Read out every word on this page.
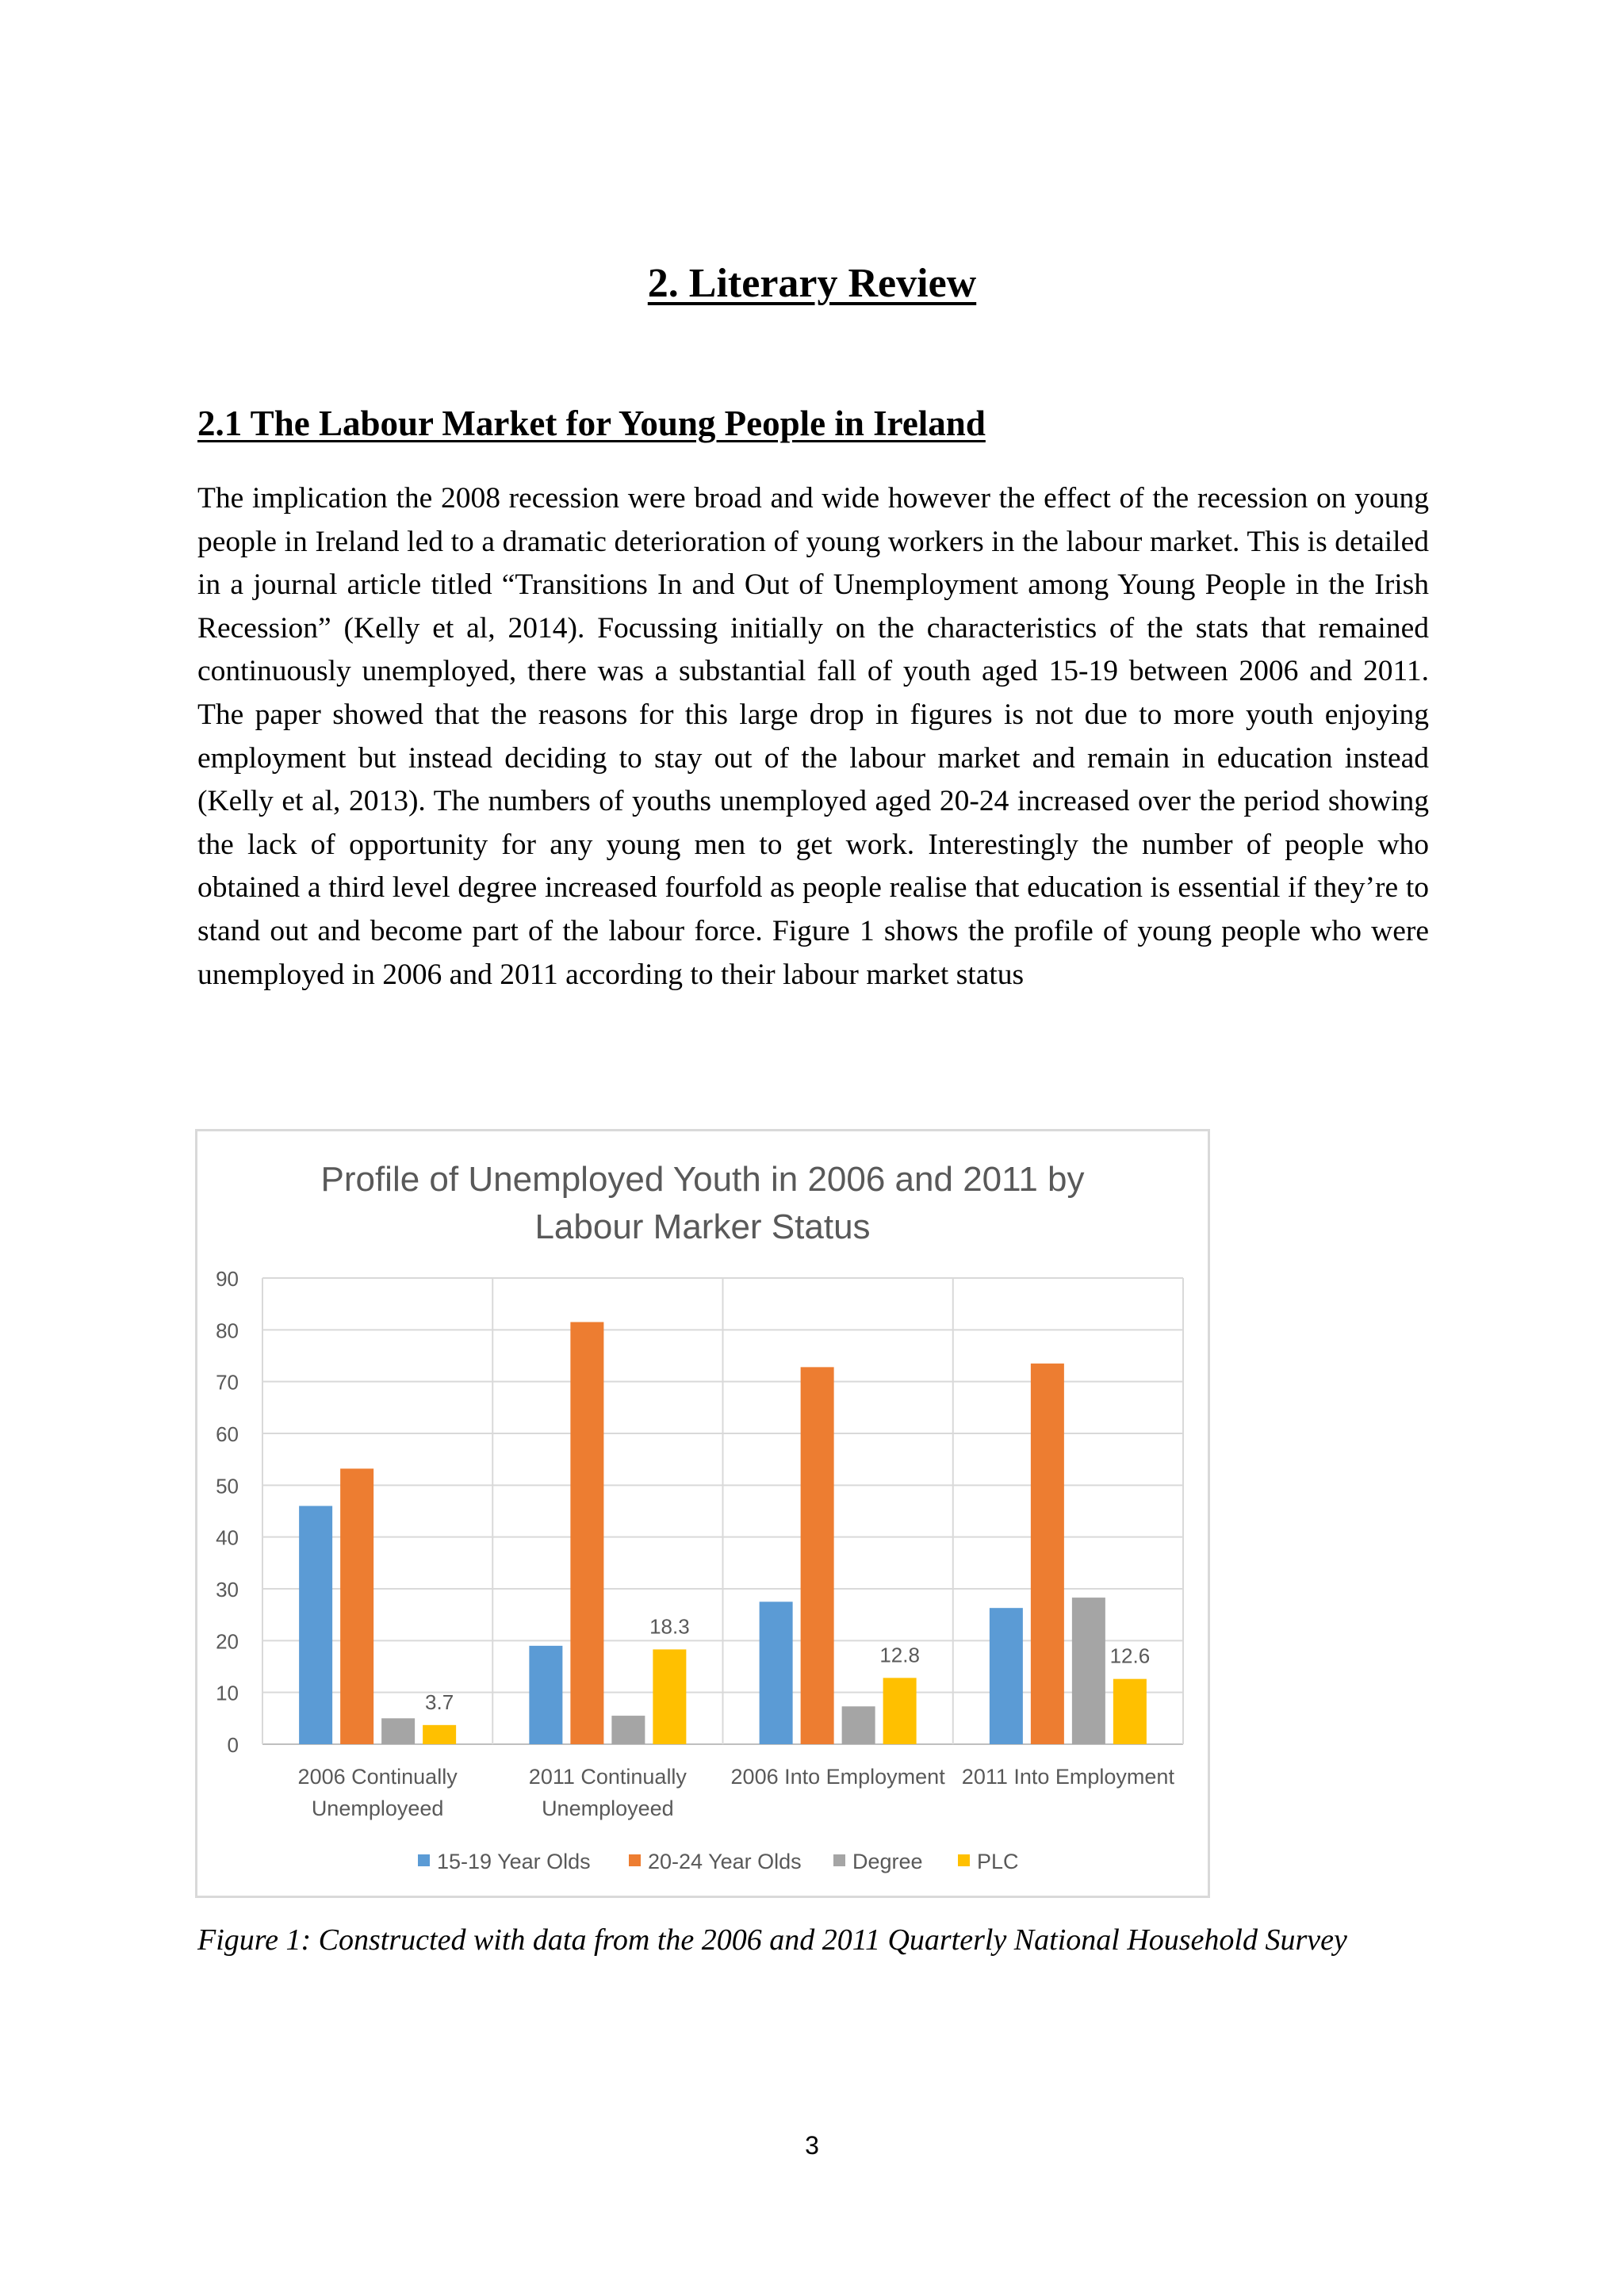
2. Literary Review
2.1 The Labour Market for Young People in Ireland

The implication the 2008 recession were broad and wide however the effect of the recession on young people in Ireland led to a dramatic deterioration of young workers in the labour market. This is detailed in a journal article titled “Transitions In and Out of Unemployment among Young People in the Irish Recession” (Kelly et al, 2014). Focussing initially on the characteristics of the stats that remained continuously unemployed, there was a substantial fall of youth aged 15-19 between 2006 and 2011. The paper showed that the reasons for this large drop in figures is not due to more youth enjoying employment but instead deciding to stay out of the labour market and remain in education instead (Kelly et al, 2013). The numbers of youths unemployed aged 20-24 increased over the period showing the lack of opportunity for any young men to get work. Interestingly the number of people who obtained a third level degree increased fourfold as people realise that education is essential if they’re to stand out and become part of the labour force. Figure 1 shows the profile of young people who were unemployed in 2006 and 2011 according to their labour market status

Profile of Unemployed Youth in 2006 and 2011 by
Labour Marker Status
0
10
20
30
40
50
60
70
80
90
3.7
18.3
12.8	12.6
2006 Continually
Unemployeed
2011 Continually
Unemployeed
2006 Into Employment 2011 Into Employment
15-19 Year Olds	20-24 Year Olds Degree	PLC
Figure 1: Constructed with data from the 2006 and 2011 Quarterly National Household Survey
3
